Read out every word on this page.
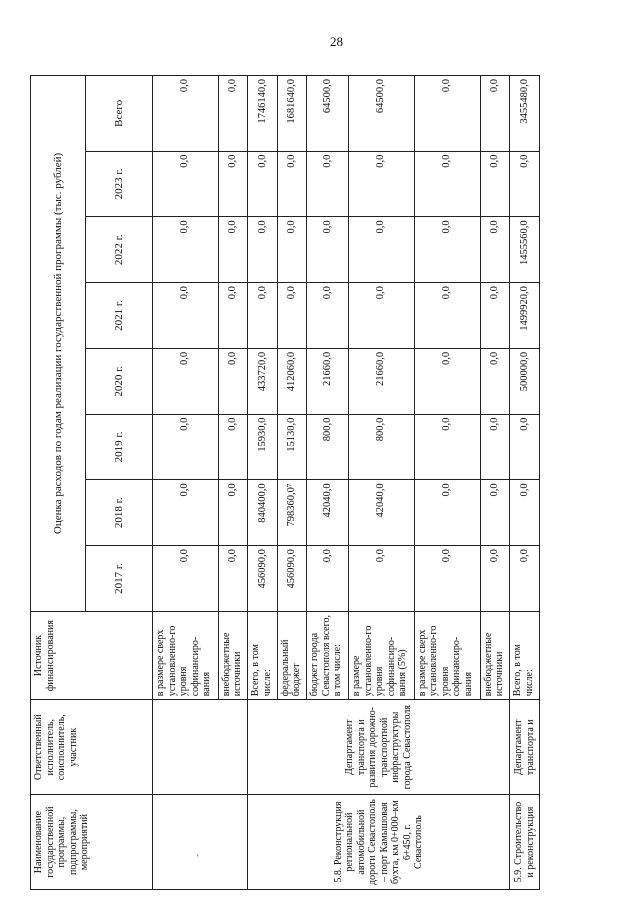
28
'
Наименование государственной программы, подпрограммы, мероприятий	Ответственный исполнитель, соисполнитель, участник	Источник финансирования	Оценка расходов по годам реализации государственной программы (тыс. рублей)							
			2017 г.	2018 г.	2019 г.	2020 г.	2021 г.	2022 г.	2023 г.	Всего
		в размере сверх установленно-го уровня софинансиро-вания	0,0	0,0	0,0	0,0	0,0	0,0	0,0	0,0
		внебюджетные источники	0,0	0,0	0,0	0,0	0,0	0,0	0,0	0,0
5.8. Реконструкция региональной автомобильной дороги Севастополь – порт Камышовая бухта, км 0+000–км 6+450, г. Севастополь	Департамент транспорта и развития дорожно-транспортной инфраструктуры города Севастополя	Всего, в том числе:	456090,0	840400,0	15930,0	433720,0	0,0	0,0	0,0	1746140,0
		федеральный бюджет	456090,0	798360,0⁷	15130,0	412060,0	0,0	0,0	0,0	1681640,0
		бюджет города Севастополя всего, в том числе:	0,0	42040,0	800,0	21660,0	0,0	0,0	0,0	64500,0
		в размере установленно-го уровня софинансиро-вания (5%)	0,0	42040,0	800,0	21660,0	0,0	0,0	0,0	64500,0
		в размере сверх установленно-го уровня софинансиро-вания	0,0	0,0	0,0	0,0	0,0	0,0	0,0	0,0
		внебюджетные источники	0,0	0,0	0,0	0,0	0,0	0,0	0,0	0,0
5.9. Строительство и реконструкция	Департамент транспорта и	Всего, в том числе:	0,0	0,0	0,0	500000,0	1499920,0	1455560,0	0,0	3455480,0
